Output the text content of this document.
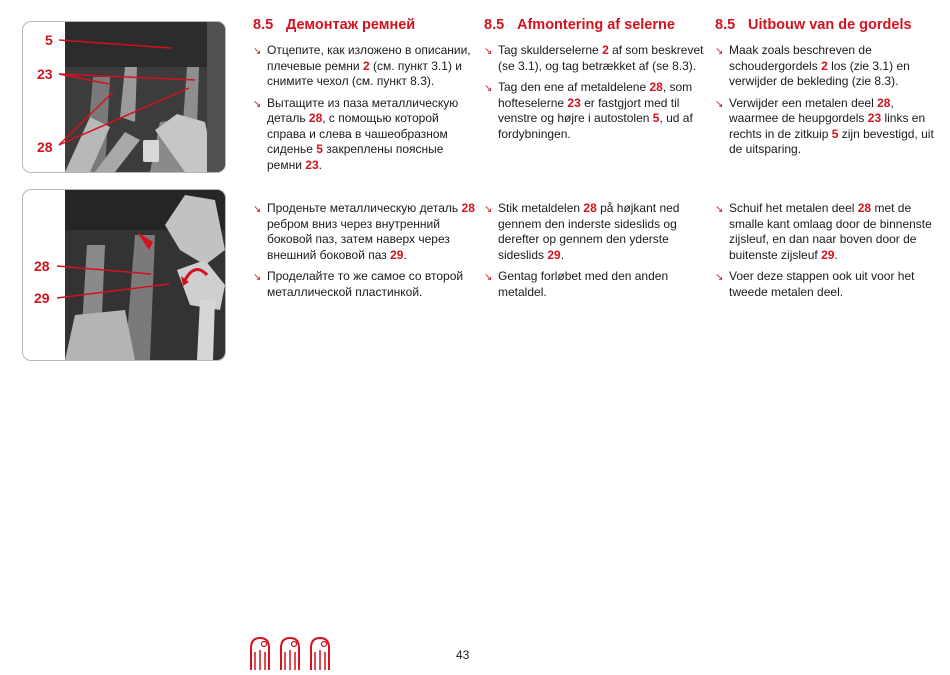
5
23
28
28
29
8.5 Демонтаж ремней
↘ Отцепите, как изложено в описании, плечевые ремни 2 (см. пункт 3.1) и снимите чехол (см. пункт 8.3).
↘ Вытащите из паза металлическую деталь 28, с помощью которой справа и слева в чашеобразном сиденье 5 закреплены поясные ремни 23.
↘ Проденьте металлическую деталь 28 ребром вниз через внутренний боковой паз, затем наверх через внешний боковой паз 29.
↘ Проделайте то же самое со второй металлической пластинкой.
8.5 Afmontering af selerne
↘ Tag skulderselerne 2 af som beskrevet (se 3.1), og tag betrækket af (se 8.3).
↘ Tag den ene af metaldelene 28, som hofteselerne 23 er fastgjort med til venstre og højre i autostolen 5, ud af fordybningen.
↘ Stik metaldelen 28 på højkant ned gennem den inderste sideslids og derefter op gennem den yderste sideslids 29.
↘ Gentag forløbet med den anden metaldel.
8.5 Uitbouw van de gordels
↘ Maak zoals beschreven de schoudergordels 2 los (zie 3.1) en verwijder de bekleding (zie 8.3).
↘ Verwijder een metalen deel 28, waarmee de heupgordels 23 links en rechts in de zitkuip 5 zijn bevestigd, uit de uitsparing.
↘ Schuif het metalen deel 28 met de smalle kant omlaag door de binnenste zijsleuf, en dan naar boven door de buitenste zijsleuf 29.
↘ Voer deze stappen ook uit voor het tweede metalen deel.
43
